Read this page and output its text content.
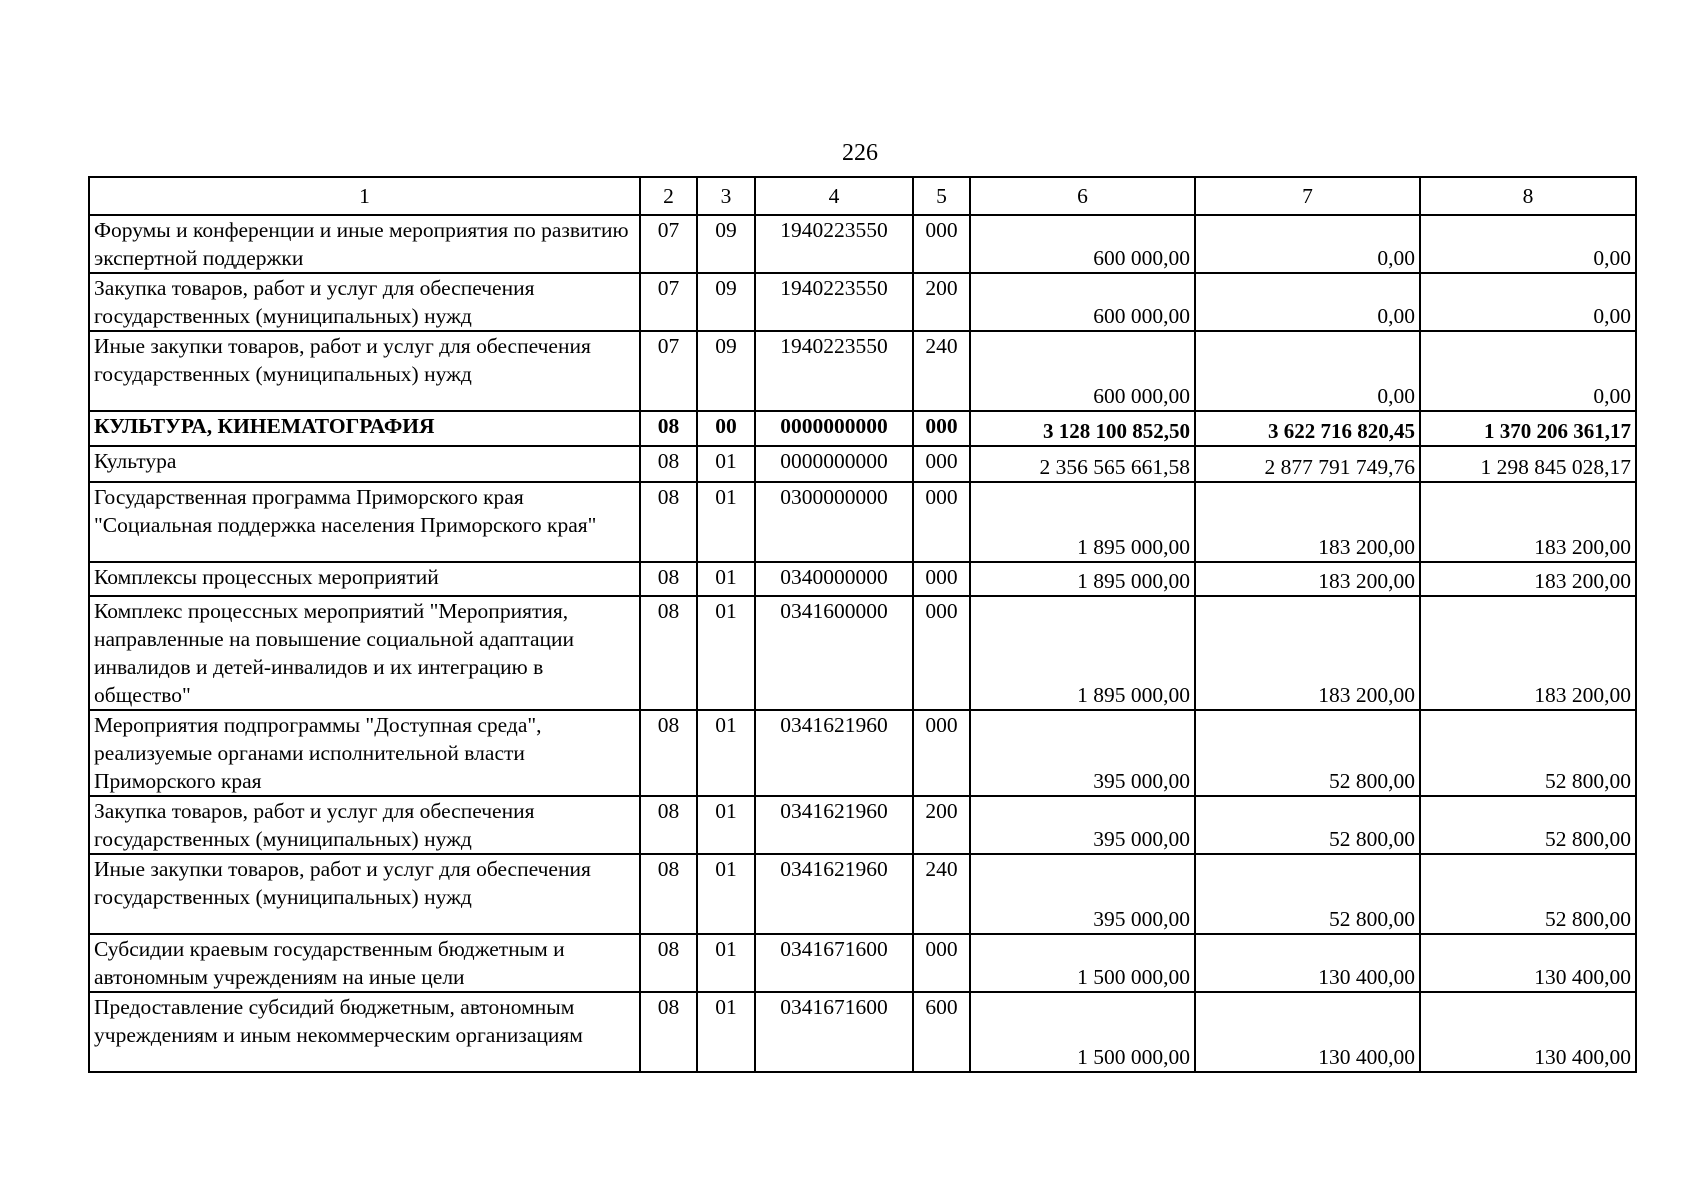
226
1	2	3	4	5	6	7	8
Форумы и конференции и иные мероприятия по развитию экспертной поддержки	07	09	1940223550	000	600 000,00	0,00	0,00
Закупка товаров, работ и услуг для обеспечения государственных (муниципальных) нужд	07	09	1940223550	200	600 000,00	0,00	0,00
Иные закупки товаров, работ и услуг для обеспечения государственных (муниципальных) нужд	07	09	1940223550	240	600 000,00	0,00	0,00
КУЛЬТУРА, КИНЕМАТОГРАФИЯ	08	00	0000000000	000	3 128 100 852,50	3 622 716 820,45	1 370 206 361,17
Культура	08	01	0000000000	000	2 356 565 661,58	2 877 791 749,76	1 298 845 028,17
Государственная программа Приморского края "Социальная поддержка населения Приморского края"	08	01	0300000000	000	1 895 000,00	183 200,00	183 200,00
Комплексы процессных мероприятий	08	01	0340000000	000	1 895 000,00	183 200,00	183 200,00
Комплекс процессных мероприятий "Мероприятия, направленные на повышение социальной адаптации инвалидов и детей-инвалидов и их интеграцию в общество"	08	01	0341600000	000	1 895 000,00	183 200,00	183 200,00
Мероприятия подпрограммы "Доступная среда", реализуемые органами исполнительной власти Приморского края	08	01	0341621960	000	395 000,00	52 800,00	52 800,00
Закупка товаров, работ и услуг для обеспечения государственных (муниципальных) нужд	08	01	0341621960	200	395 000,00	52 800,00	52 800,00
Иные закупки товаров, работ и услуг для обеспечения государственных (муниципальных) нужд	08	01	0341621960	240	395 000,00	52 800,00	52 800,00
Субсидии краевым государственным бюджетным и автономным учреждениям на иные цели	08	01	0341671600	000	1 500 000,00	130 400,00	130 400,00
Предоставление субсидий бюджетным, автономным учреждениям и иным некоммерческим организациям	08	01	0341671600	600	1 500 000,00	130 400,00	130 400,00
